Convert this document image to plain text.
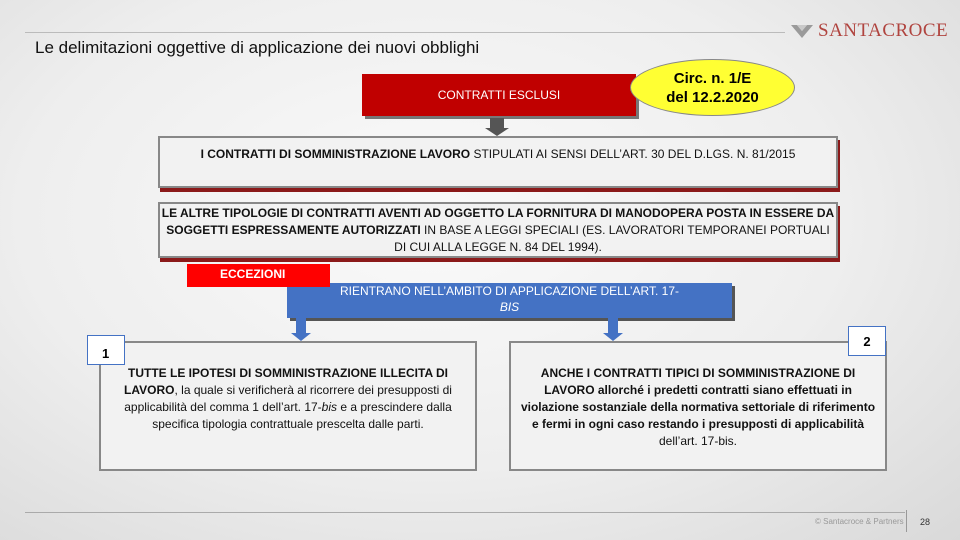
SANTACROCE
Le delimitazioni oggettive di applicazione dei nuovi obblighi
CONTRATTI ESCLUSI
Circ. n. 1/E
del 12.2.2020
I CONTRATTI DI SOMMINISTRAZIONE LAVORO STIPULATI AI SENSI DELL’ART. 30 DEL D.LGS. N. 81/2015
LE ALTRE TIPOLOGIE DI CONTRATTI AVENTI AD OGGETTO LA FORNITURA DI MANODOPERA POSTA IN ESSERE DA SOGGETTI ESPRESSAMENTE AUTORIZZATI IN BASE A LEGGI SPECIALI (ES. LAVORATORI TEMPORANEI PORTUALI DI CUI ALLA LEGGE N. 84 DEL 1994).
RIENTRANO NELL’AMBITO DI APPLICAZIONE DELL’ART. 17-
BIS
ECCEZIONI
TUTTE LE IPOTESI DI SOMMINISTRAZIONE ILLECITA DI LAVORO, la quale si verificherà al ricorrere dei presupposti di applicabilità del comma 1 dell’art. 17-bis e a prescindere dalla specifica tipologia contrattuale prescelta dalle parti.
ANCHE I CONTRATTI TIPICI DI SOMMINISTRAZIONE DI LAVORO allorché i predetti contratti siano effettuati in violazione sostanziale della normativa settoriale di riferimento e fermi in ogni caso restando i presupposti di applicabilità dell’art. 17-bis.
1
2
© Santacroce & Partners 28
